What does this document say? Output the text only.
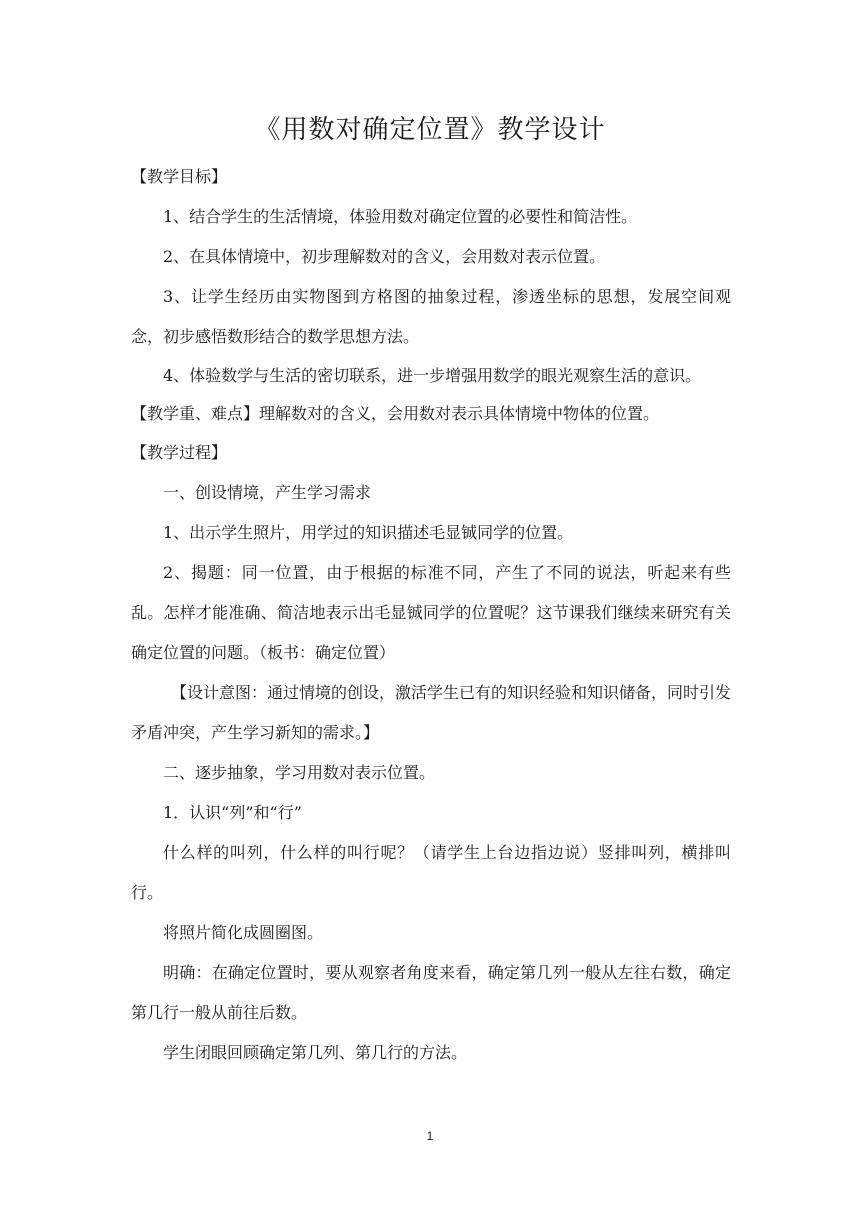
《用数对确定位置》教学设计

【教学目标】

1、结合学生的生活情境，体验用数对确定位置的必要性和简洁性。

2、在具体情境中，初步理解数对的含义，会用数对表示位置。

3、让学生经历由实物图到方格图的抽象过程，渗透坐标的思想，发展空间观念，初步感悟数形结合的数学思想方法。

4、体验数学与生活的密切联系，进一步增强用数学的眼光观察生活的意识。

【教学重、难点】理解数对的含义，会用数对表示具体情境中物体的位置。

【教学过程】

一、创设情境，产生学习需求

1、出示学生照片，用学过的知识描述毛显铖同学的位置。

2、揭题：同一位置，由于根据的标准不同，产生了不同的说法，听起来有些乱。怎样才能准确、简洁地表示出毛显铖同学的位置呢？这节课我们继续来研究有关确定位置的问题。（板书：确定位置）

【设计意图：通过情境的创设，激活学生已有的知识经验和知识储备，同时引发矛盾冲突，产生学习新知的需求。】

二、逐步抽象，学习用数对表示位置。

1．认识“列”和“行”

什么样的叫列，什么样的叫行呢？（请学生上台边指边说）竖排叫列，横排叫行。

将照片简化成圆圈图。

明确：在确定位置时，要从观察者角度来看，确定第几列一般从左往右数，确定第几行一般从前往后数。

学生闭眼回顾确定第几列、第几行的方法。

1
